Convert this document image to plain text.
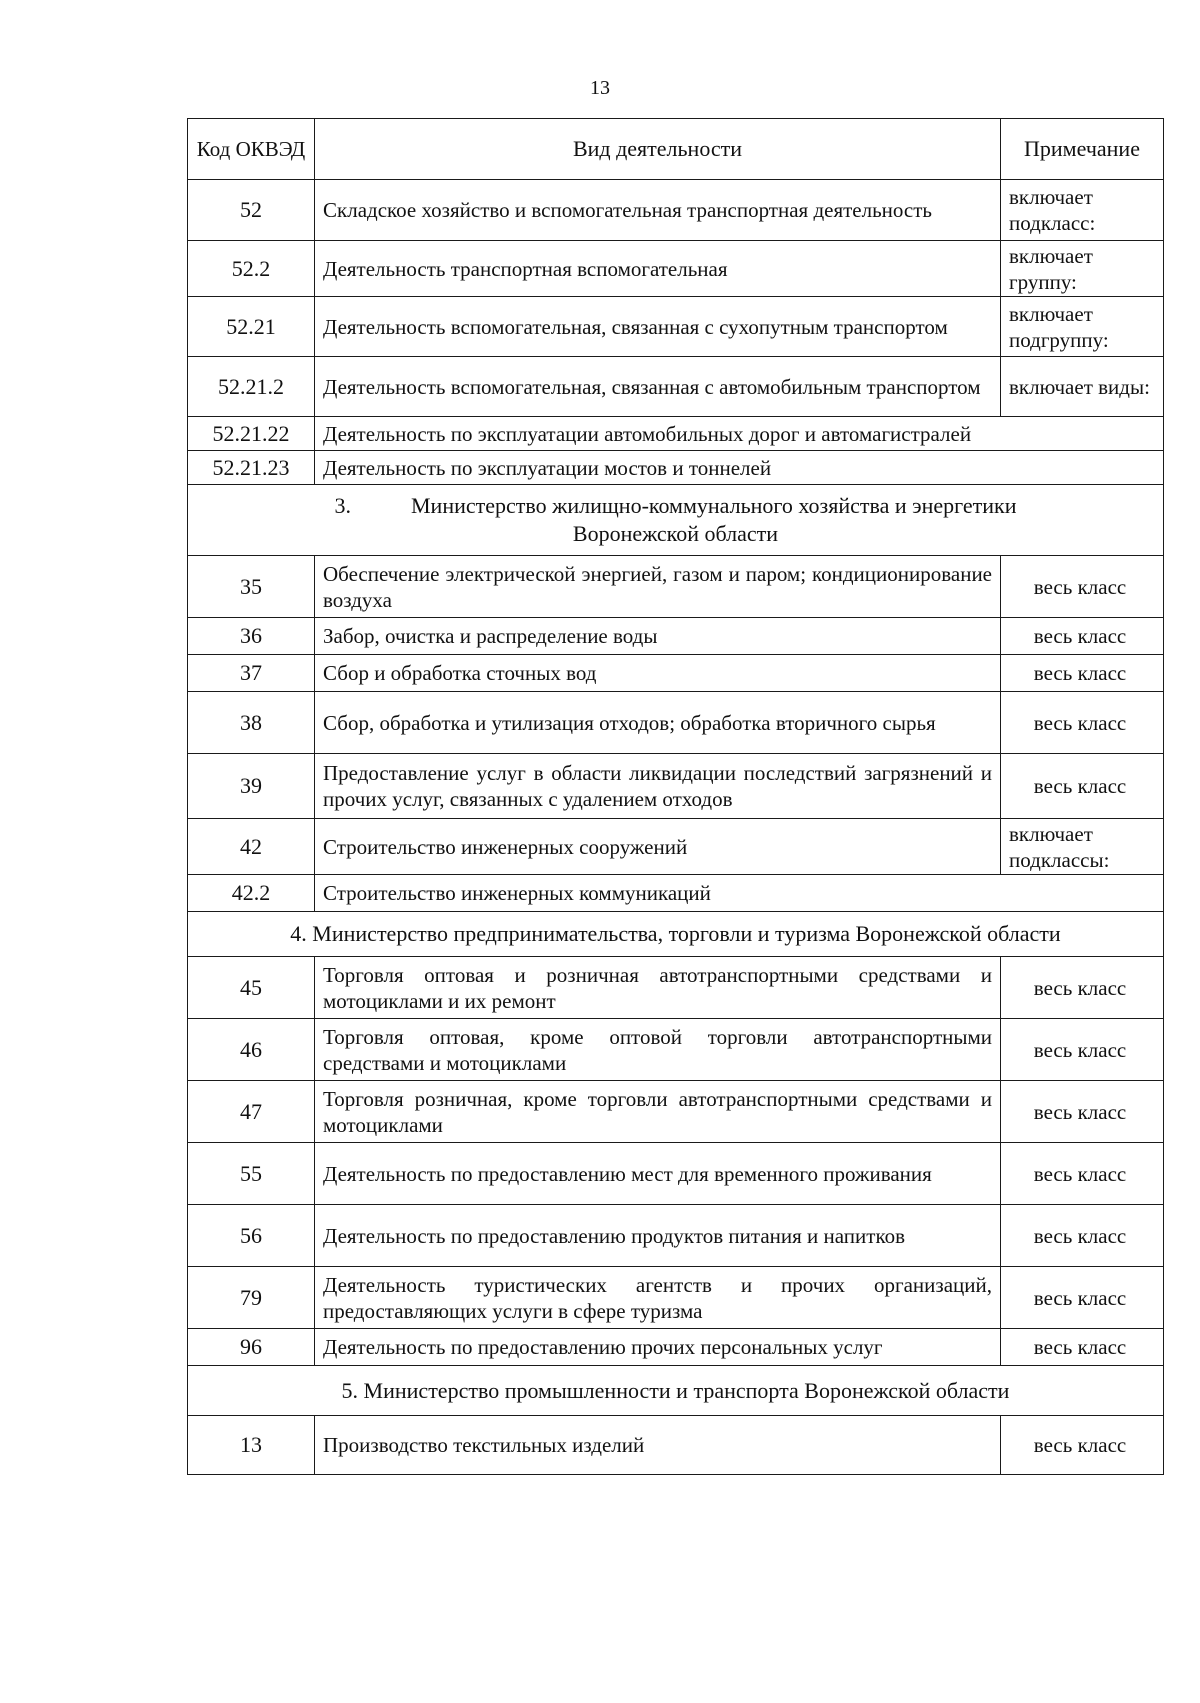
13
Код ОКВЭД	Вид деятельности	Примечание
52	Складское хозяйство и вспомогательная транспортная деятельность	включает подкласс:
52.2	Деятельность транспортная вспомогательная	включает группу:
52.21	Деятельность вспомогательная, связанная с сухопутным транспортом	включает подгруппу:
52.21.2	Деятельность вспомогательная, связанная с автомобильным транспортом	включает виды:
52.21.22	Деятельность по эксплуатации автомобильных дорог и автомагистралей	
52.21.23	Деятельность по эксплуатации мостов и тоннелей	
3. Министерство жилищно-коммунального хозяйства и энергетики
Воронежской области		
35	Обеспечение электрической энергией, газом и паром; кондиционирование воздуха	весь класс
36	Забор, очистка и распределение воды	весь класс
37	Сбор и обработка сточных вод	весь класс
38	Сбор, обработка и утилизация отходов; обработка вторичного сырья	весь класс
39	Предоставление услуг в области ликвидации последствий загрязнений и прочих услуг, связанных с удалением отходов	весь класс
42	Строительство инженерных сооружений	включает подклассы:
42.2	Строительство инженерных коммуникаций	
4. Министерство предпринимательства, торговли и туризма Воронежской области		
45	Торговля оптовая и розничная автотранспортными средствами и мотоциклами и их ремонт	весь класс
46	Торговля оптовая, кроме оптовой торговли автотранспортными средствами и мотоциклами	весь класс
47	Торговля розничная, кроме торговли автотранспортными средствами и мотоциклами	весь класс
55	Деятельность по предоставлению мест для временного проживания	весь класс
56	Деятельность по предоставлению продуктов питания и напитков	весь класс
79	Деятельность туристических агентств и прочих организаций, предоставляющих услуги в сфере туризма	весь класс
96	Деятельность по предоставлению прочих персональных услуг	весь класс
5. Министерство промышленности и транспорта Воронежской области		
13	Производство текстильных изделий	весь класс
